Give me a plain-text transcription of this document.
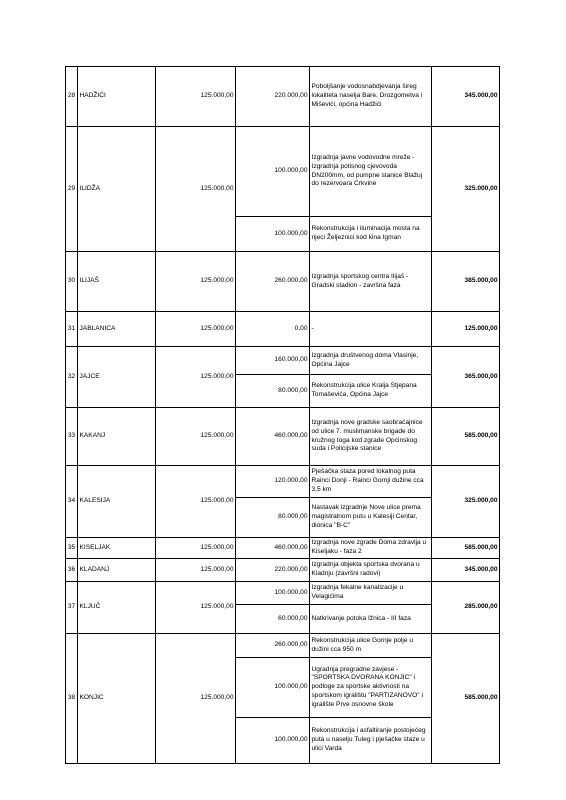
28	HADŽIĆI	125.000,00	220.000,00	Poboljšanje vodosnabdjevanja šireg lokaliteta naselja Bare, Drozgometva i Miševići, općina Hadžići	345.000,00
29	ILIDŽA	125.000,00	100.000,00	Izgradnja javne vodovodne mreže - Izgradnja potisnog cjevovoda DN200mm, od pumpne stanice Blažuj do rezervoara Crkvine	325.000,00
			100.000,00	Rekonstrukcija i iluminacija mosta na rijeci Željeznici kod kina Igman	
30	ILIJAŠ	125.000,00	260.000,00	Izgradnja sportskog centra Ilijaš - Gradski stadion - završna faza	385.000,00
31	JABLANICA	125.000,00	0,00	-	125.000,00
32	JAJCE	125.000,00	160.000,00	Izgradnja društvenog doma Vlasinje, Općina Jajce	365.000,00
			80.000,00	Rekonstrukcija ulice Kralja Stjepana Tomaševića, Općina Jajce	
33	KAKANJ	125.000,00	460.000,00	Izgradnja nove gradske saobraćajnice od ulice 7. muslimanske brigade do kružnog toga kod zgrade Općinskog suda i Policijske stanice	585.000,00
34	KALESIJA	125.000,00	120.000,00	Pješačka staza pored lokalnog puta Rainci Donji - Rainci Gornji dužine cca 3,5 km	325.000,00
			80.000,00	Nastavak izgradnje Nove ulice prema magistralnom putu u Kalesiji Centar, dionica "B-C"	
35	KISELJAK	125.000,00	460.000,00	Izgradnja nove zgrade Doma zdravlja u Kiseljaku - faza 2	585.000,00
36	KLADANJ	125.000,00	220.000,00	Izgradnja objekta sportska dvorana u Kladnju (završni radovi)	345.000,00
37	KLJUČ	125.000,00	100.000,00	Izgradnja fekalne kanalizacije u Velagićima	285.000,00
			60.000,00	Natkrivanje potoka Ižnica - III faza	
38	KONJIC	125.000,00	260.000,00	Rekonstrukcija ulice Gornje polje u dužini cca 950 m	585.000,00
			100.000,00	Ugradnja pregradne zavjese - "SPORTSKA DVORANA KONJIC" i podloge za sportske aktivnosti na sportskom igralištu "PARTIZANOVO" i igralište Prve osnovne škole	
			100.000,00	Rekonstrukcija i asfaltiranje postojećeg puta u naselju Tuleg i pješačke staze u ulici Varda	
